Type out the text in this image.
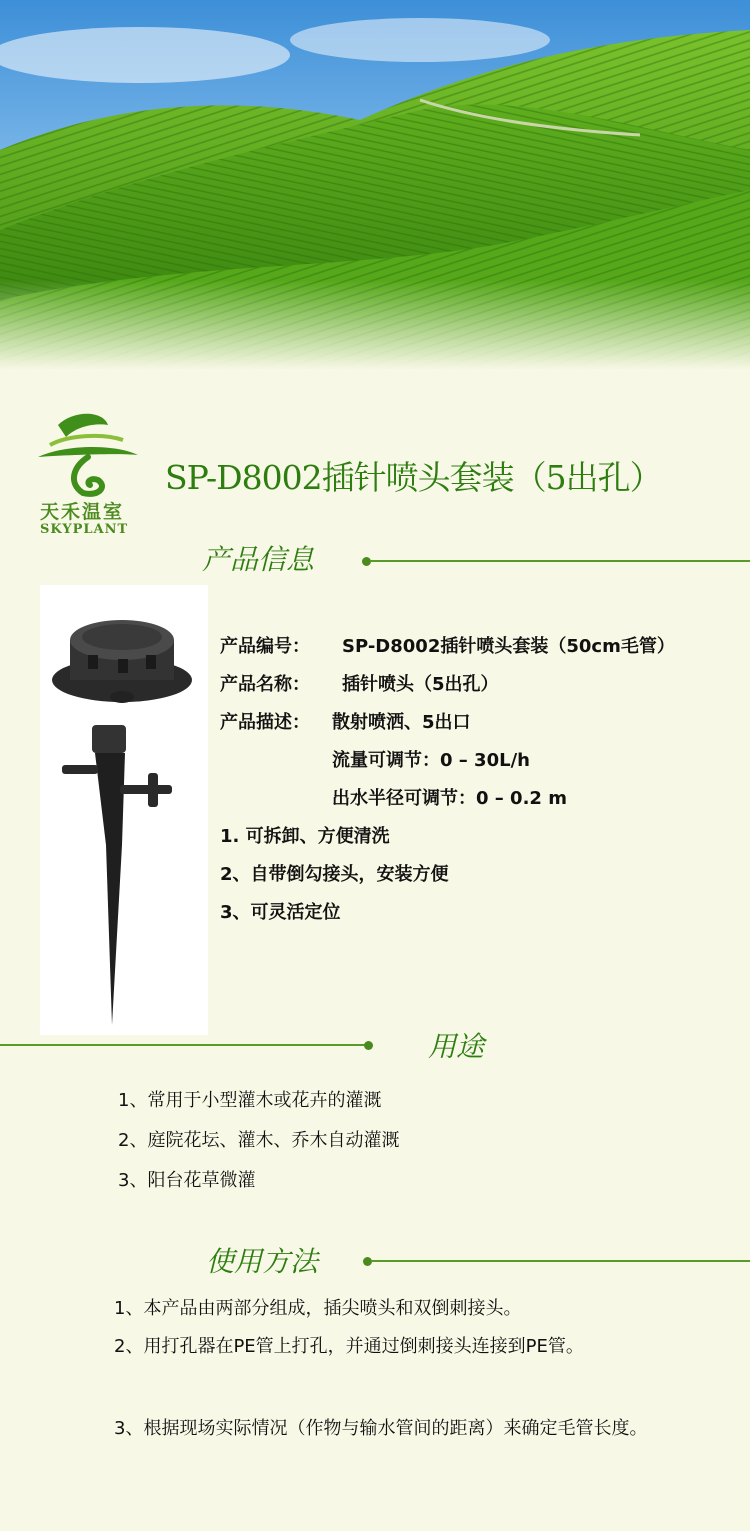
天禾温室
SKYPLANT
SP-D8002插针喷头套装（5出孔）
产品信息
产品编号： SP-D8002插针喷头套装（50cm毛管）
产品名称： 插针喷头（5出孔）
产品描述： 散射喷洒、5出口
流量可调节：0 – 30L/h
出水半径可调节：0 – 0.2 m
1. 可拆卸、方便清洗
2、自带倒勾接头，安装方便
3、可灵活定位
用途
1、常用于小型灌木或花卉的灌溉
2、庭院花坛、灌木、乔木自动灌溉
3、阳台花草微灌
使用方法
1、本产品由两部分组成，插尖喷头和双倒刺接头。
2、用打孔器在PE管上打孔，并通过倒刺接头连接到PE管。
3、根据现场实际情况（作物与输水管间的距离）来确定毛管长度。
